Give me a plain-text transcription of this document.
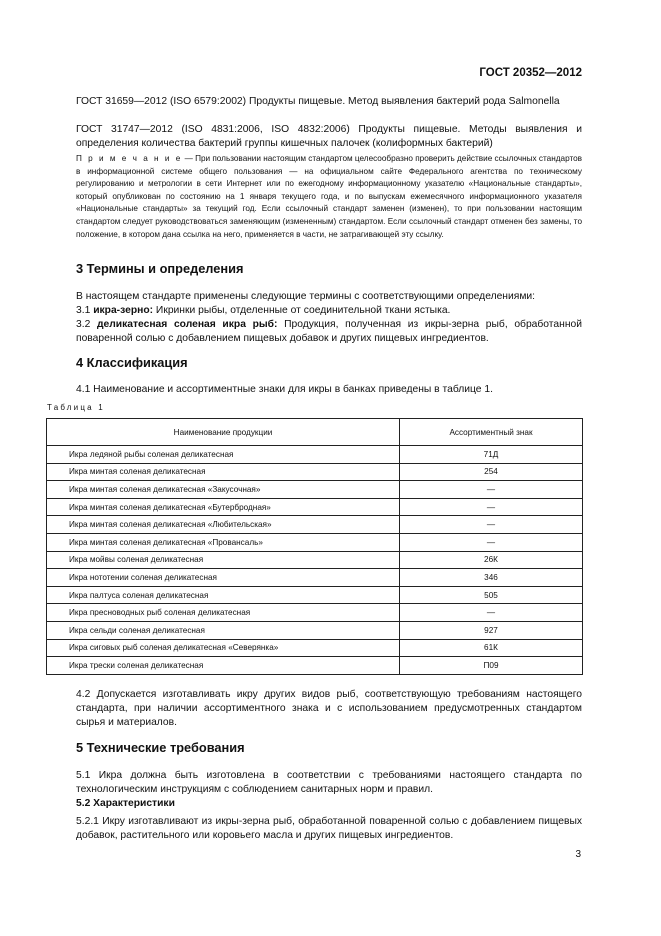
ГОСТ 20352—2012

ГОСТ 31659—2012 (ISO 6579:2002) Продукты пищевые. Метод выявления бактерий рода Salmonella

ГОСТ 31747—2012 (ISO 4831:2006, ISO 4832:2006) Продукты пищевые. Методы выявления и определения количества бактерий группы кишечных палочек (колиформных бактерий)

П р и м е ч а н и е — При пользовании настоящим стандартом целесообразно проверить действие ссылочных стандартов в информационной системе общего пользования — на официальном сайте Федерального агентства по техническому регулированию и метрологии в сети Интернет или по ежегодному информационному указателю «Национальные стандарты», который опубликован по состоянию на 1 января текущего года, и по выпускам ежемесячного информационного указателя «Национальные стандарты» за текущий год. Если ссылочный стандарт заменен (изменен), то при пользовании настоящим стандартом следует руководствоваться заменяющим (измененным) стандартом. Если ссылочный стандарт отменен без замены, то положение, в котором дана ссылка на него, применяется в части, не затрагивающей эту ссылку.

3 Термины и определения

В настоящем стандарте применены следующие термины с соответствующими определениями:

3.1 икра-зерно: Икринки рыбы, отделенные от соединительной ткани ястыка.

3.2 деликатесная соленая икра рыб: Продукция, полученная из икры-зерна рыб, обработанной поваренной солью с добавлением пищевых добавок и других пищевых ингредиентов.

4 Классификация

4.1 Наименование и ассортиментные знаки для икры в банках приведены в таблице 1.

Таблица 1
Наименование продукции	Ассортиментный знак
Икра ледяной рыбы соленая деликатесная	71Д
Икра минтая соленая деликатесная	254
Икра минтая соленая деликатесная «Закусочная»	—
Икра минтая соленая деликатесная «Бутербродная»	—
Икра минтая соленая деликатесная «Любительская»	—
Икра минтая соленая деликатесная «Провансаль»	—
Икра мойвы соленая деликатесная	26К
Икра нототении соленая деликатесная	346
Икра палтуса соленая деликатесная	505
Икра пресноводных рыб соленая деликатесная	—
Икра сельди соленая деликатесная	927
Икра сиговых рыб соленая деликатесная «Северянка»	61К
Икра трески соленая деликатесная	П09

4.2 Допускается изготавливать икру других видов рыб, соответствующую требованиям настоящего стандарта, при наличии ассортиментного знака и с использованием предусмотренных стандартом сырья и материалов.

5 Технические требования

5.1 Икра должна быть изготовлена в соответствии с требованиями настоящего стандарта по технологическим инструкциям с соблюдением санитарных норм и правил.

5.2 Характеристики

5.2.1 Икру изготавливают из икры-зерна рыб, обработанной поваренной солью с добавлением пищевых добавок, растительного или коровьего масла и других пищевых ингредиентов.

3
